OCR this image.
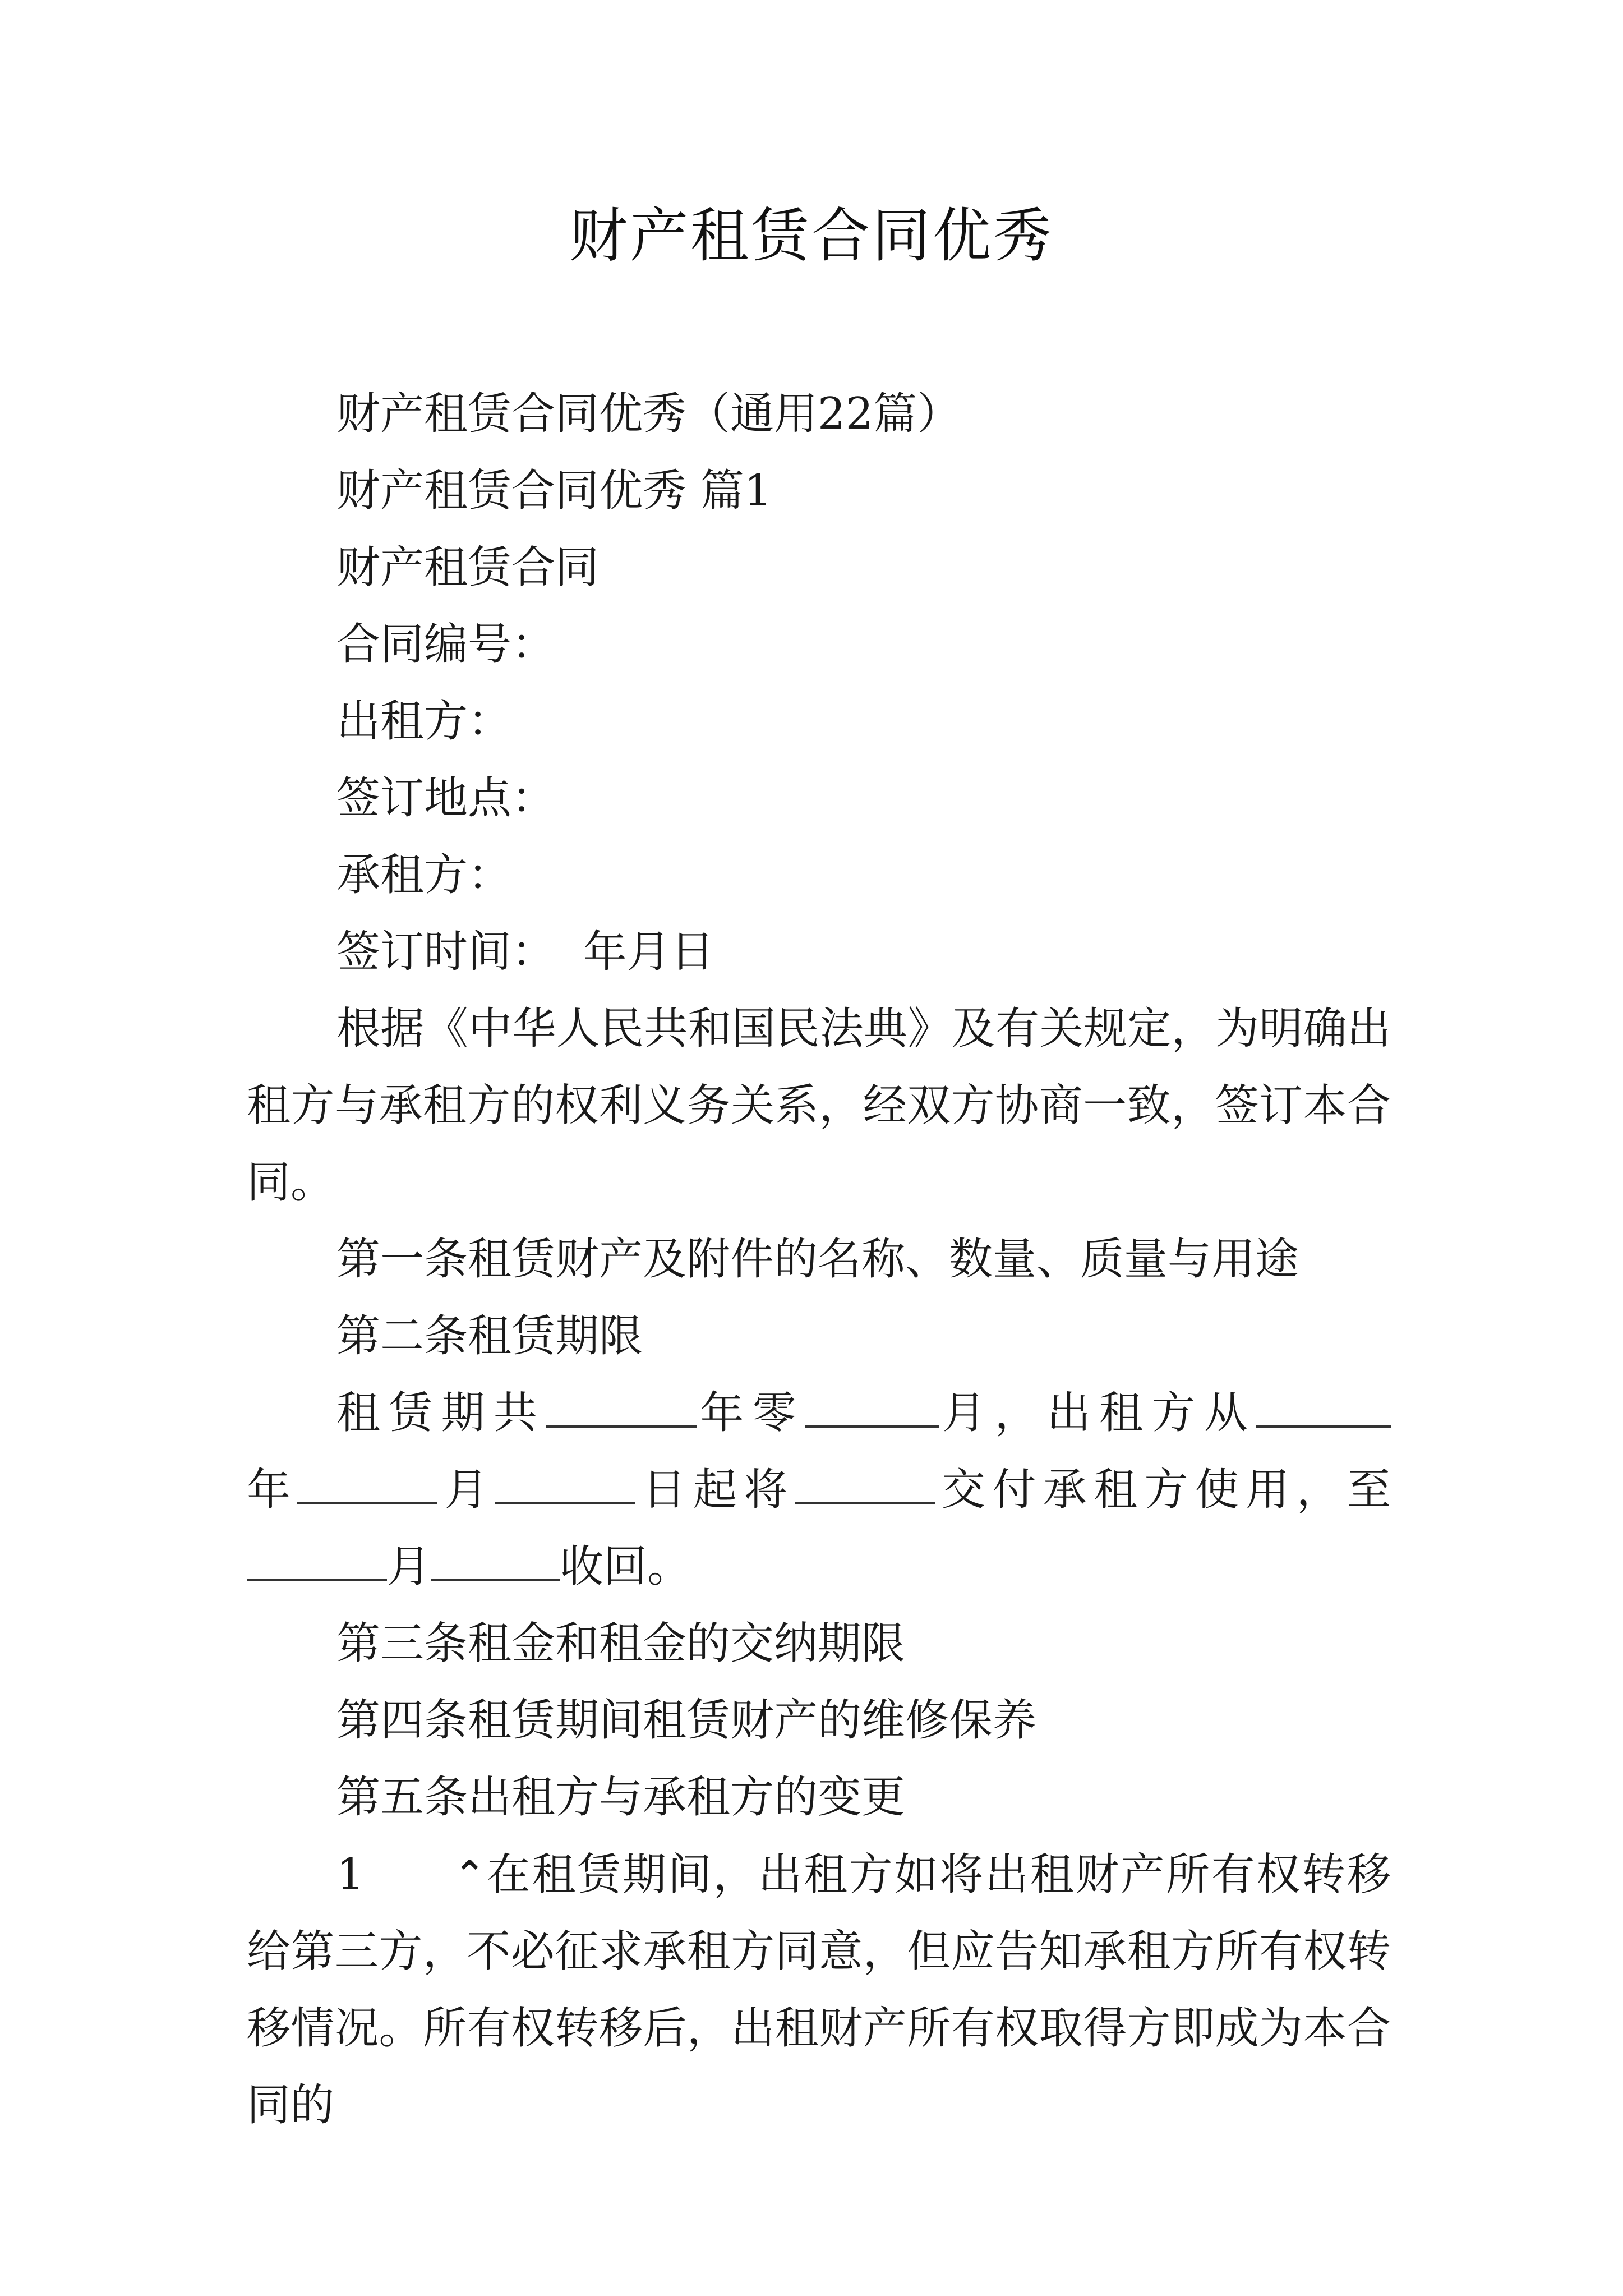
财产租赁合同优秀

财产租赁合同优秀（通用22篇）

财产租赁合同优秀 篇1

财产租赁合同

合同编号：

出租方：

签订地点：

承租方：

签订时间：  年月日

根据《中华人民共和国民法典》及有关规定，为明确出租方与承租方的权利义务关系，经双方协商一致，签订本合同。

第一条租赁财产及附件的名称、数量、质量与用途

第二条租赁期限

租赁期共	年零	月，出租方从年	月	日起将	交付承租方使用，至月	收回。

第三条租金和租金的交纳期限

第四条租赁期间租赁财产的维修保养

第五条出租方与承租方的变更

1 ⌃在租赁期间，出租方如将出租财产所有权转移给第三方，不必征求承租方同意，但应告知承租方所有权转移情况。所有权转移后，出租财产所有权取得方即成为本合同的
